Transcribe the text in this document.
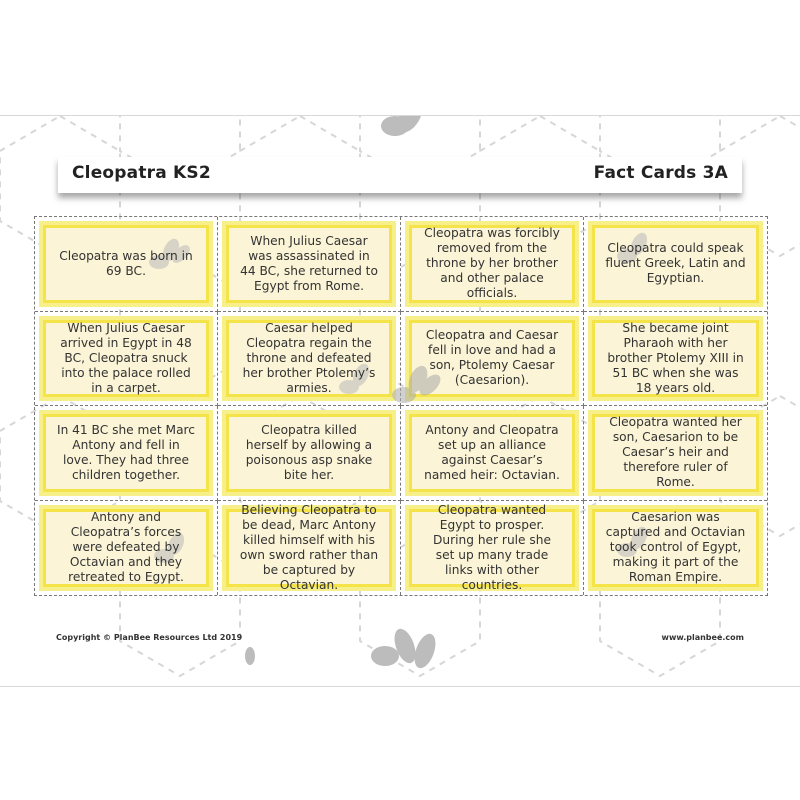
Cleopatra KS2	Fact Cards 3A
Cleopatra was born in 69 BC.
When Julius Caesar was assassinated in 44 BC, she returned to Egypt from Rome.
Cleopatra was forcibly removed from the throne by her brother and other palace officials.
Cleopatra could speak fluent Greek, Latin and Egyptian.
When Julius Caesar arrived in Egypt in 48 BC, Cleopatra snuck into the palace rolled in a carpet.
Caesar helped Cleopatra regain the throne and defeated her brother Ptolemy’s armies.
Cleopatra and Caesar fell in love and had a son, Ptolemy Caesar (Caesarion).
She became joint Pharaoh with her brother Ptolemy XIII in 51 BC when she was 18 years old.
In 41 BC she met Marc Antony and fell in love. They had three children together.
Cleopatra killed herself by allowing a poisonous asp snake bite her.
Antony and Cleopatra set up an alliance against Caesar’s named heir: Octavian.
Cleopatra wanted her son, Caesarion to be Caesar’s heir and therefore ruler of Rome.
Antony and Cleopatra’s forces were defeated by Octavian and they retreated to Egypt.
Believing Cleopatra to be dead, Marc Antony killed himself with his own sword rather than be captured by Octavian.
Cleopatra wanted Egypt to prosper. During her rule she set up many trade links with other countries.
Caesarion was captured and Octavian took control of Egypt, making it part of the Roman Empire.
Copyright © PlanBee Resources Ltd 2019	www.planbee.com
